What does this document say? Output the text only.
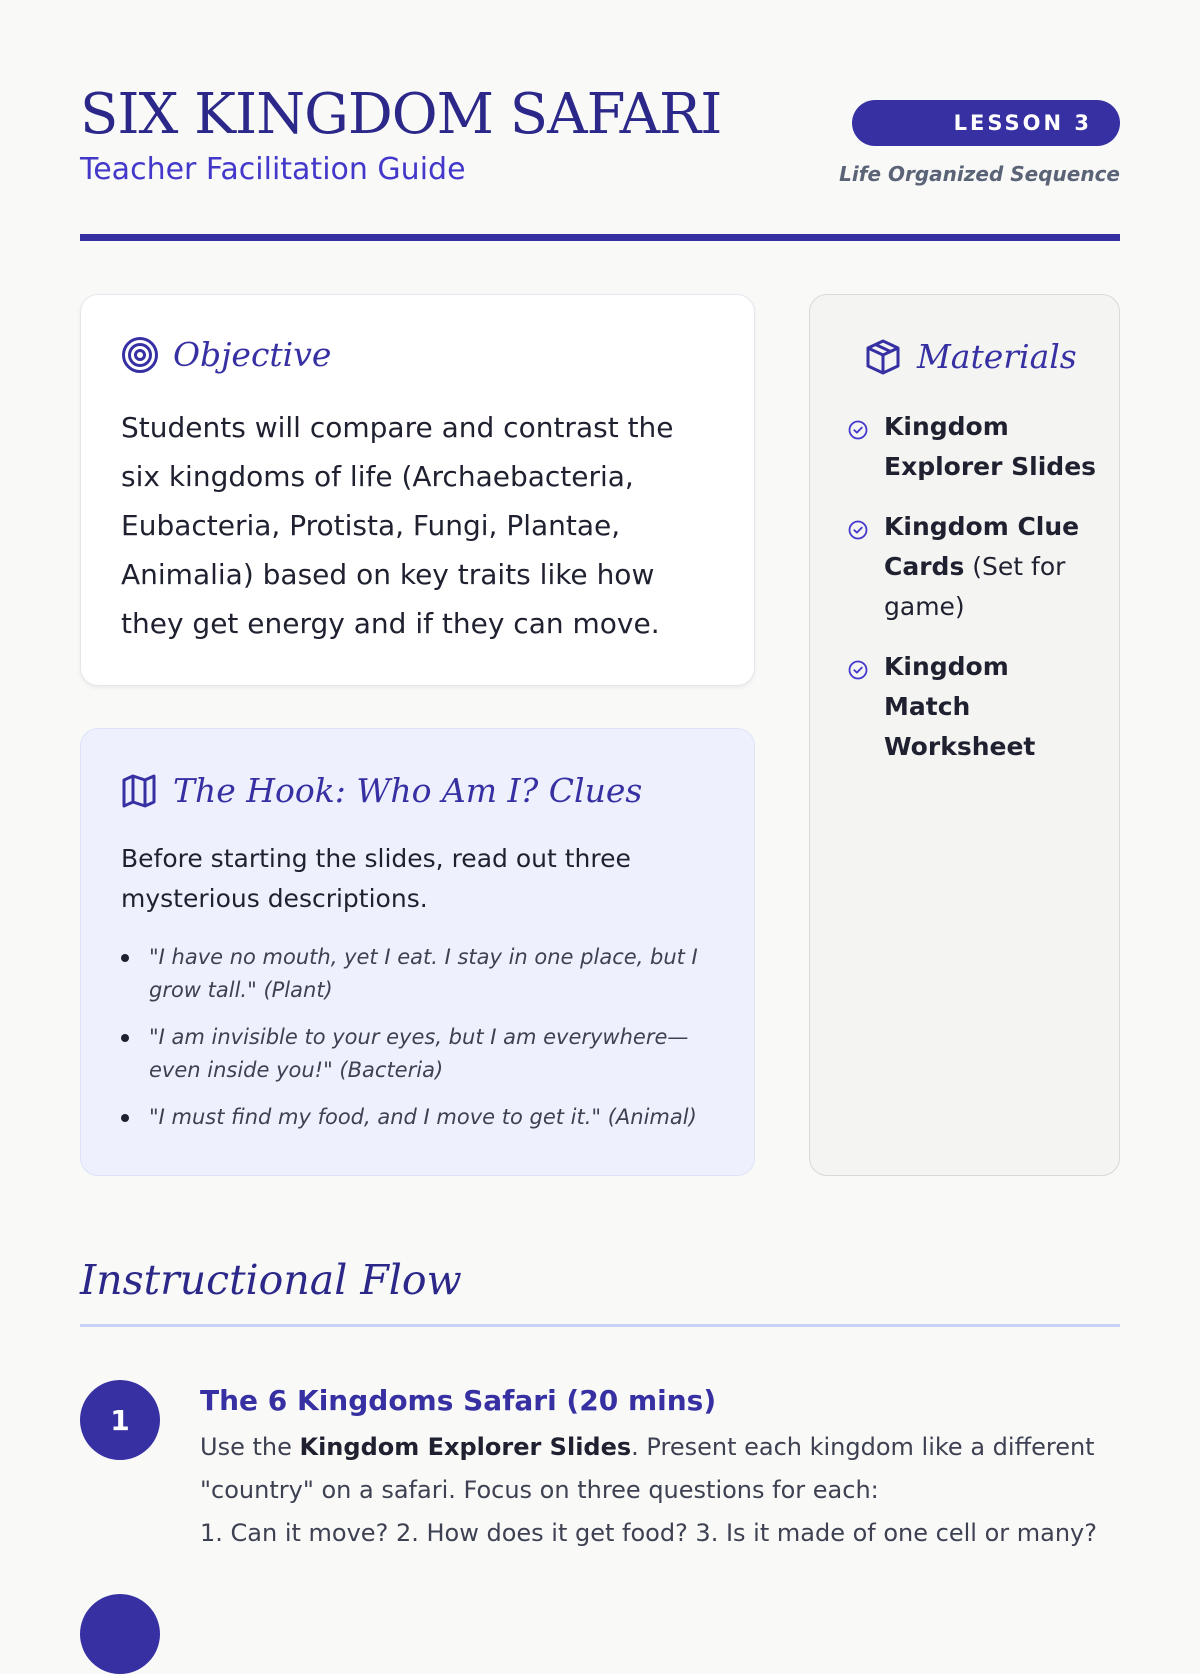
SIX KINGDOM SAFARI
Teacher Facilitation Guide
LESSON 3
Life Organized Sequence
Objective
Students will compare and contrast the six kingdoms of life (Archaebacteria, Eubacteria, Protista, Fungi, Plantae, Animalia) based on key traits like how they get energy and if they can move.
The Hook: Who Am I? Clues
Before starting the slides, read out three mysterious descriptions.
"I have no mouth, yet I eat. I stay in one place, but I grow tall." (Plant)
"I am invisible to your eyes, but I am everywhere—even inside you!" (Bacteria)
"I must find my food, and I move to get it." (Animal)
Materials
Kingdom Explorer Slides
Kingdom Clue Cards (Set for game)
Kingdom Match Worksheet
Instructional Flow
1
The 6 Kingdoms Safari (20 mins)
Use the Kingdom Explorer Slides. Present each kingdom like a different "country" on a safari. Focus on three questions for each:
1. Can it move? 2. How does it get food? 3. Is it made of one cell or many?
